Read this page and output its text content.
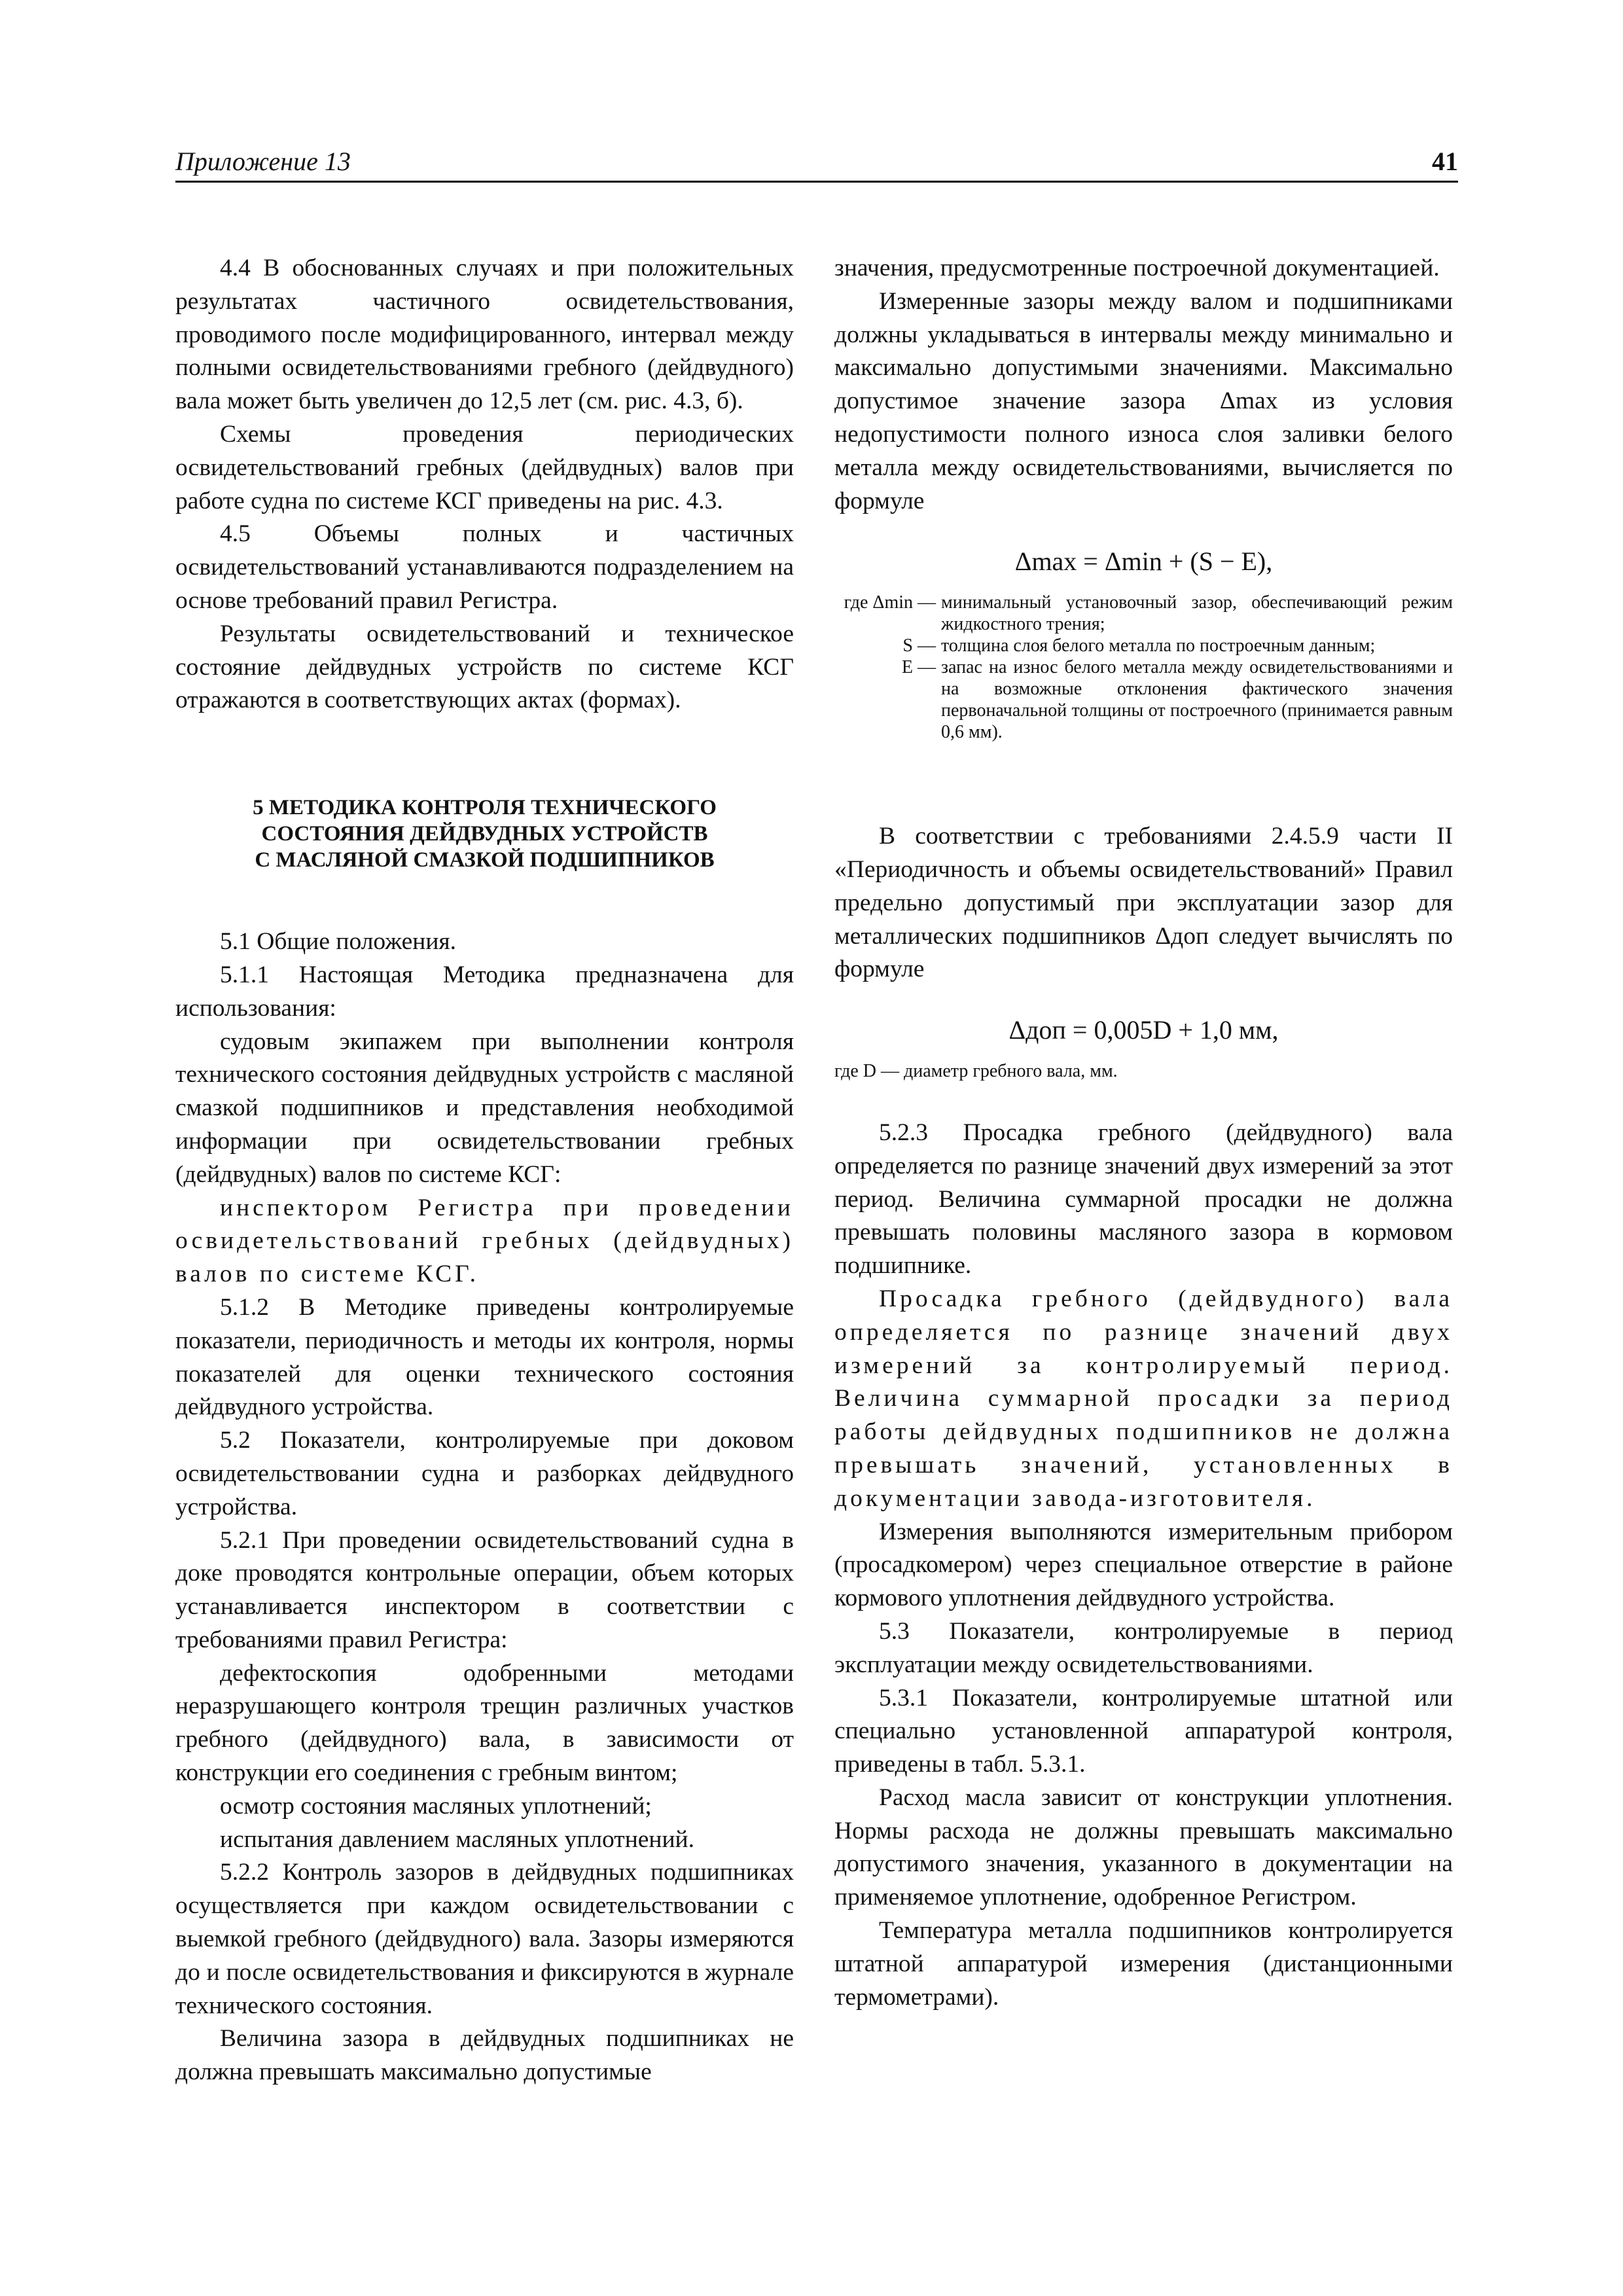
Приложение 13	41

4.4 В обоснованных случаях и при положительных результатах частичного освидетельствования, проводимого после модифицированного, интервал между полными освидетельствованиями гребного (дейдвудного) вала может быть увеличен до 12,5 лет (см. рис. 4.3, б).

Схемы проведения периодических освидетельствований гребных (дейдвудных) валов при работе судна по системе КСГ приведены на рис. 4.3.

4.5 Объемы полных и частичных освидетельствований устанавливаются подразделением на основе требований правил Регистра.

Результаты освидетельствований и техническое состояние дейдвудных устройств по системе КСГ отражаются в соответствующих актах (формах).

5 МЕТОДИКА КОНТРОЛЯ ТЕХНИЧЕСКОГО
СОСТОЯНИЯ ДЕЙДВУДНЫХ УСТРОЙСТВ
С МАСЛЯНОЙ СМАЗКОЙ ПОДШИПНИКОВ

5.1 Общие положения.

5.1.1 Настоящая Методика предназначена для использования:

судовым экипажем при выполнении контроля технического состояния дейдвудных устройств с масляной смазкой подшипников и представления необходимой информации при освидетельствовании гребных (дейдвудных) валов по системе КСГ:

инспектором Регистра при проведении освидетельствований гребных (дейдвудных) валов по системе КСГ.

5.1.2 В Методике приведены контролируемые показатели, периодичность и методы их контроля, нормы показателей для оценки технического состояния дейдвудного устройства.

5.2 Показатели, контролируемые при доковом освидетельствовании судна и разборках дейдвудного устройства.

5.2.1 При проведении освидетельствований судна в доке проводятся контрольные операции, объем которых устанавливается инспектором в соответствии с требованиями правил Регистра:

дефектоскопия одобренными методами неразрушающего контроля трещин различных участков гребного (дейдвудного) вала, в зависимости от конструкции его соединения с гребным винтом;

осмотр состояния масляных уплотнений;

испытания давлением масляных уплотнений.

5.2.2 Контроль зазоров в дейдвудных подшипниках осуществляется при каждом освидетельствовании с выемкой гребного (дейдвудного) вала. Зазоры измеряются до и после освидетельствования и фиксируются в журнале технического состояния.

Величина зазора в дейдвудных подшипниках не должна превышать максимально допустимые

значения, предусмотренные построечной документацией.

Измеренные зазоры между валом и подшипниками должны укладываться в интервалы между минимально и максимально допустимыми значениями. Максимально допустимое значение зазора Δmax из условия недопустимости полного износа слоя заливки белого металла между освидетельствованиями, вычисляется по формуле

Δmax = Δmin + (S − E),
где Δmin — минимальный установочный зазор, обеспечивающий режим жидкостного трения;
S — толщина слоя белого металла по построечным данным;
E — запас на износ белого металла между освидетельствованиями и на возможные отклонения фактического значения первоначальной толщины от построечного (принимается равным 0,6 мм).

В соответствии с требованиями 2.4.5.9 части II «Периодичность и объемы освидетельствований» Правил предельно допустимый при эксплуатации зазор для металлических подшипников Δдоп следует вычислять по формуле

Δдоп = 0,005D + 1,0 мм,
где D — диаметр гребного вала, мм.

5.2.3 Просадка гребного (дейдвудного) вала определяется по разнице значений двух измерений за этот период. Величина суммарной просадки не должна превышать половины масляного зазора в кормовом подшипнике.

Просадка гребного (дейдвудного) вала определяется по разнице значений двух измерений за контролируемый период. Величина суммарной просадки за период работы дейдвудных подшипников не должна превышать значений, установленных в документации завода-изготовителя.

Измерения выполняются измерительным прибором (просадкомером) через специальное отверстие в районе кормового уплотнения дейдвудного устройства.

5.3 Показатели, контролируемые в период эксплуатации между освидетельствованиями.

5.3.1 Показатели, контролируемые штатной или специально установленной аппаратурой контроля, приведены в табл. 5.3.1.

Расход масла зависит от конструкции уплотнения. Нормы расхода не должны превышать максимально допустимого значения, указанного в документации на применяемое уплотнение, одобренное Регистром.

Температура металла подшипников контролируется штатной аппаратурой измерения (дистанционными термометрами).
